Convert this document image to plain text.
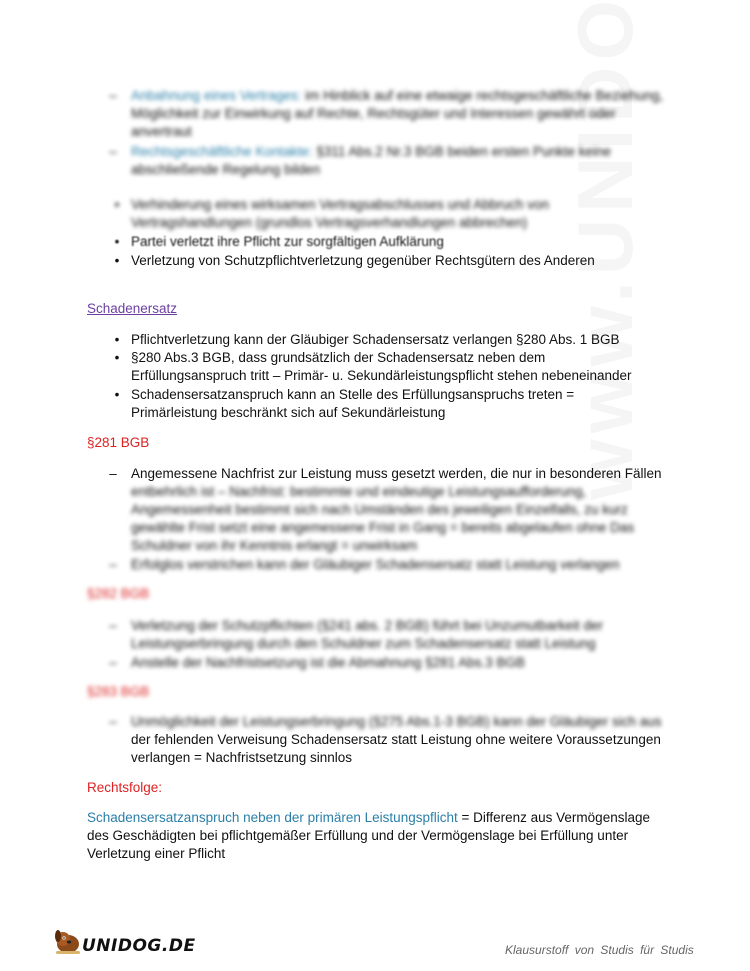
– Anbahnung eines Vertrages: im Hinblick auf eine etwaige rechtsgeschäftliche Beziehung,
Möglichkeit zur Einwirkung auf Rechte, Rechtsgüter und Interessen gewährt oder
anvertraut
– Rechtsgeschäftliche Kontakte: §311 Abs.2 Nr.3 BGB beiden ersten Punkte keine
abschließende Regelung bilden
• Verhinderung eines wirksamen Vertragsabschlusses und Abbruch von
Vertragshandlungen (grundlos Vertragsverhandlungen abbrechen)
• Partei verletzt ihre Pflicht zur sorgfältigen Aufklärung
• Verletzung von Schutzpflichtverletzung gegenüber Rechtsgütern des Anderen
Schadenersatz
• Pflichtverletzung kann der Gläubiger Schadensersatz verlangen §280 Abs. 1 BGB
• §280 Abs.3 BGB, dass grundsätzlich der Schadensersatz neben dem
Erfüllungsanspruch tritt – Primär- u. Sekundärleistungspflicht stehen nebeneinander
• Schadensersatzanspruch kann an Stelle des Erfüllungsanspruchs treten =
Primärleistung beschränkt sich auf Sekundärleistung
§281 BGB
– Angemessene Nachfrist zur Leistung muss gesetzt werden, die nur in besonderen Fällen
entbehrlich ist – Nachfrist: bestimmte und eindeutige Leistungsaufforderung,
Angemessenheit bestimmt sich nach Umständen des jeweiligen Einzelfalls, zu kurz
gewählte Frist setzt eine angemessene Frist in Gang = bereits abgelaufen ohne Das
Schuldner von ihr Kenntnis erlangt = unwirksam
– Erfolglos verstrichen kann der Gläubiger Schadensersatz statt Leistung verlangen
§282 BGB
– Verletzung der Schutzpflichten (§241 abs. 2 BGB) führt bei Unzumutbarkeit der
Leistungserbringung durch den Schuldner zum Schadensersatz statt Leistung
– Anstelle der Nachfristsetzung ist die Abmahnung §281 Abs.3 BGB
§283 BGB
– Unmöglichkeit der Leistungserbringung (§275 Abs.1-3 BGB) kann der Gläubiger sich aus
der fehlenden Verweisung Schadensersatz statt Leistung ohne weitere Voraussetzungen
verlangen = Nachfristsetzung sinnlos
Rechtsfolge:
Schadensersatzanspruch neben der primären Leistungspflicht = Differenz aus Vermögenslage
des Geschädigten bei pflichtgemäßer Erfüllung und der Vermögenslage bei Erfüllung unter
Verletzung einer Pflicht
UNIDOG.DE	Klausurstoff von Studis für Studis
